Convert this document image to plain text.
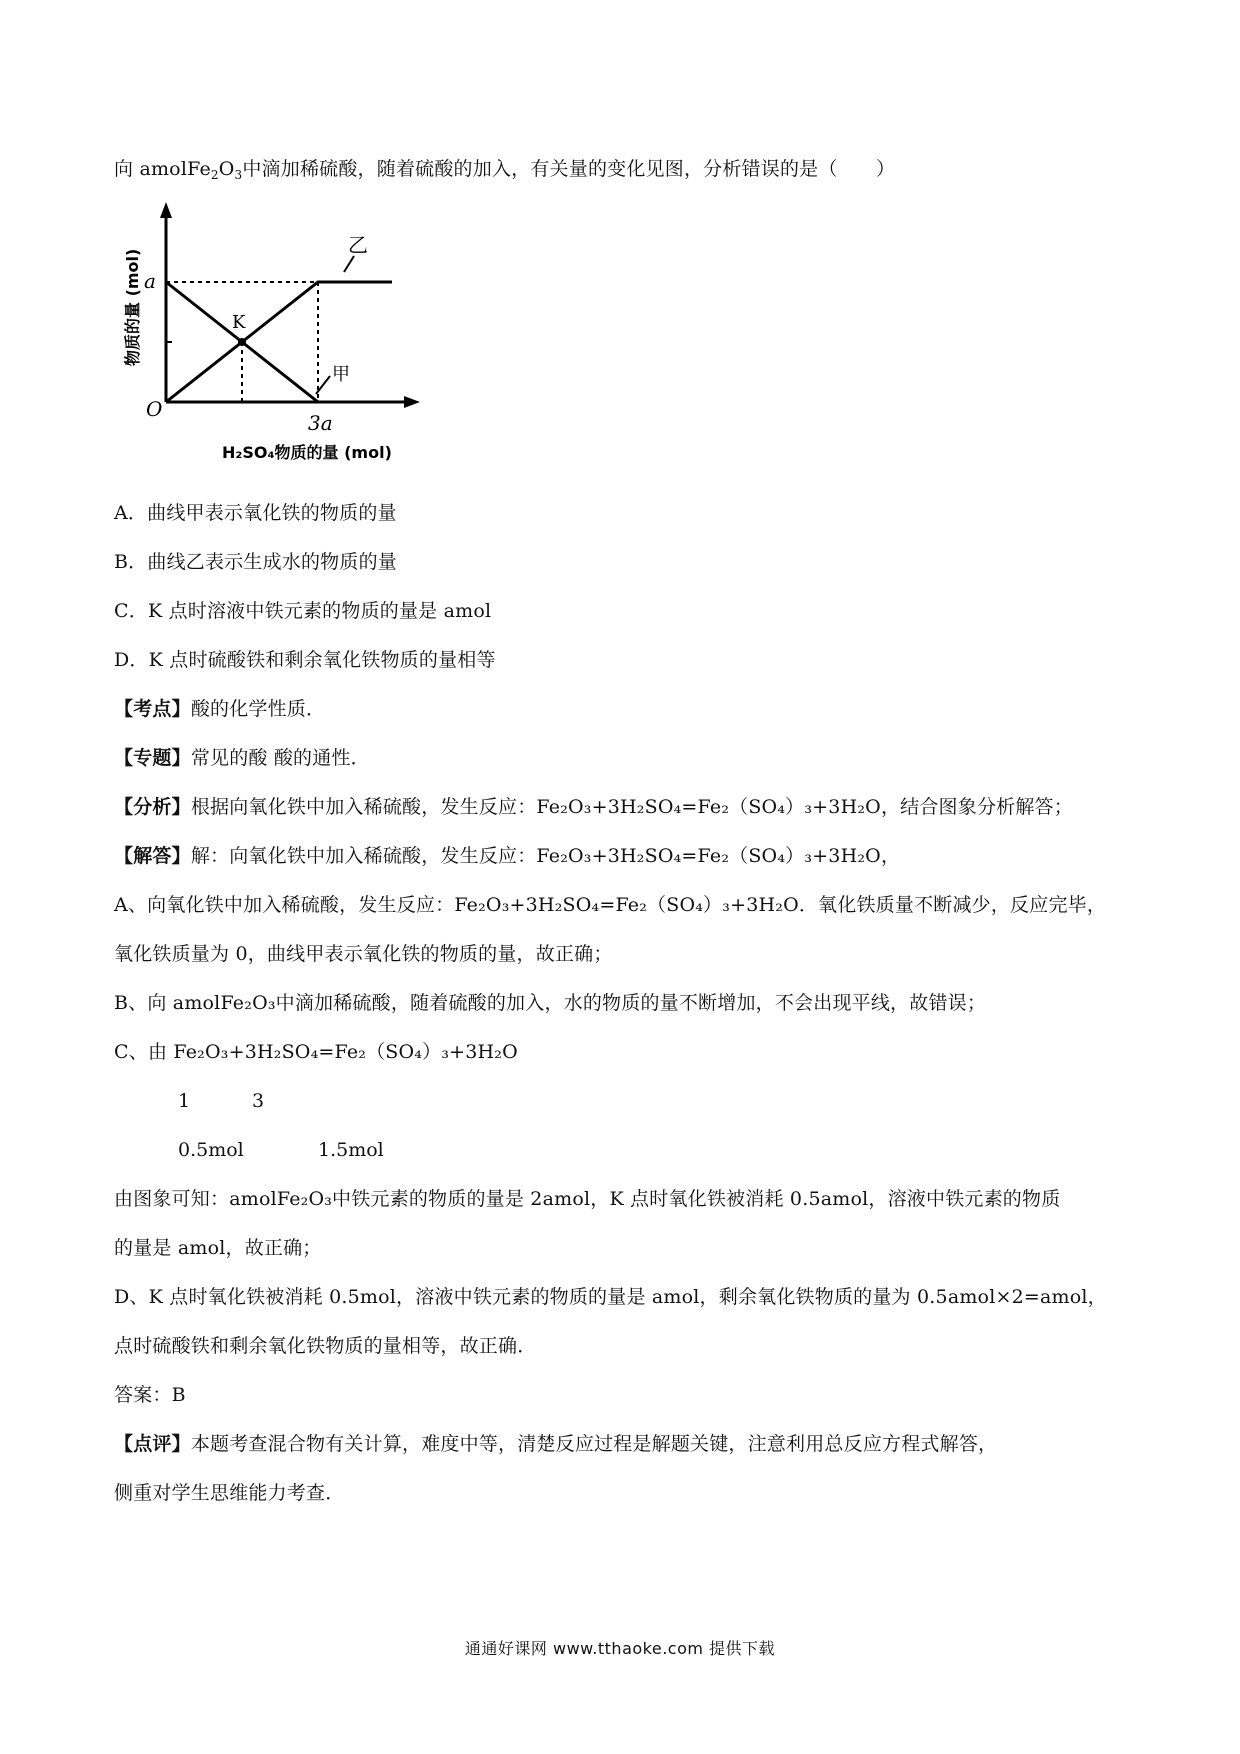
向 $amolFe_2O_3$中滴加稀硫酸，随着硫酸的加入，有关量的变化见图，分析错误的是（　　）
a
O
3a
K
甲
乙
物质的量 (mol)
H₂SO₄物质的量 (mol)
A．曲线甲表示氧化铁的物质的量
B．曲线乙表示生成水的物质的量
C．K 点时溶液中铁元素的物质的量是 amol
D．K 点时硫酸铁和剩余氧化铁物质的量相等
【考点】酸的化学性质．
【专题】常见的酸 酸的通性．
【分析】根据向氧化铁中加入稀硫酸，发生反应：Fe₂O₃+3H₂SO₄=Fe₂（SO₄）₃+3H₂O，结合图象分析解答；
【解答】解：向氧化铁中加入稀硫酸，发生反应：Fe₂O₃+3H₂SO₄=Fe₂（SO₄）₃+3H₂O，
A、向氧化铁中加入稀硫酸，发生反应：Fe₂O₃+3H₂SO₄=Fe₂（SO₄）₃+3H₂O．氧化铁质量不断减少，反应完毕，
氧化铁质量为 0，曲线甲表示氧化铁的物质的量，故正确；
B、向 amolFe₂O₃中滴加稀硫酸，随着硫酸的加入，水的物质的量不断增加，不会出现平线，故错误；
C、由 Fe₂O₃+3H₂SO₄=Fe₂（SO₄）₃+3H₂O
1	3
0.5mol	1.5mol
由图象可知：amolFe₂O₃中铁元素的物质的量是 2amol，K 点时氧化铁被消耗 0.5amol，溶液中铁元素的物质
的量是 amol，故正确；
D、K 点时氧化铁被消耗 0.5mol，溶液中铁元素的物质的量是 amol，剩余氧化铁物质的量为 0.5amol×2=amol，
点时硫酸铁和剩余氧化铁物质的量相等，故正确．
答案：B
【点评】本题考查混合物有关计算，难度中等，清楚反应过程是解题关键，注意利用总反应方程式解答，
侧重对学生思维能力考查．
通通好课网 www.tthaoke.com 提供下载
